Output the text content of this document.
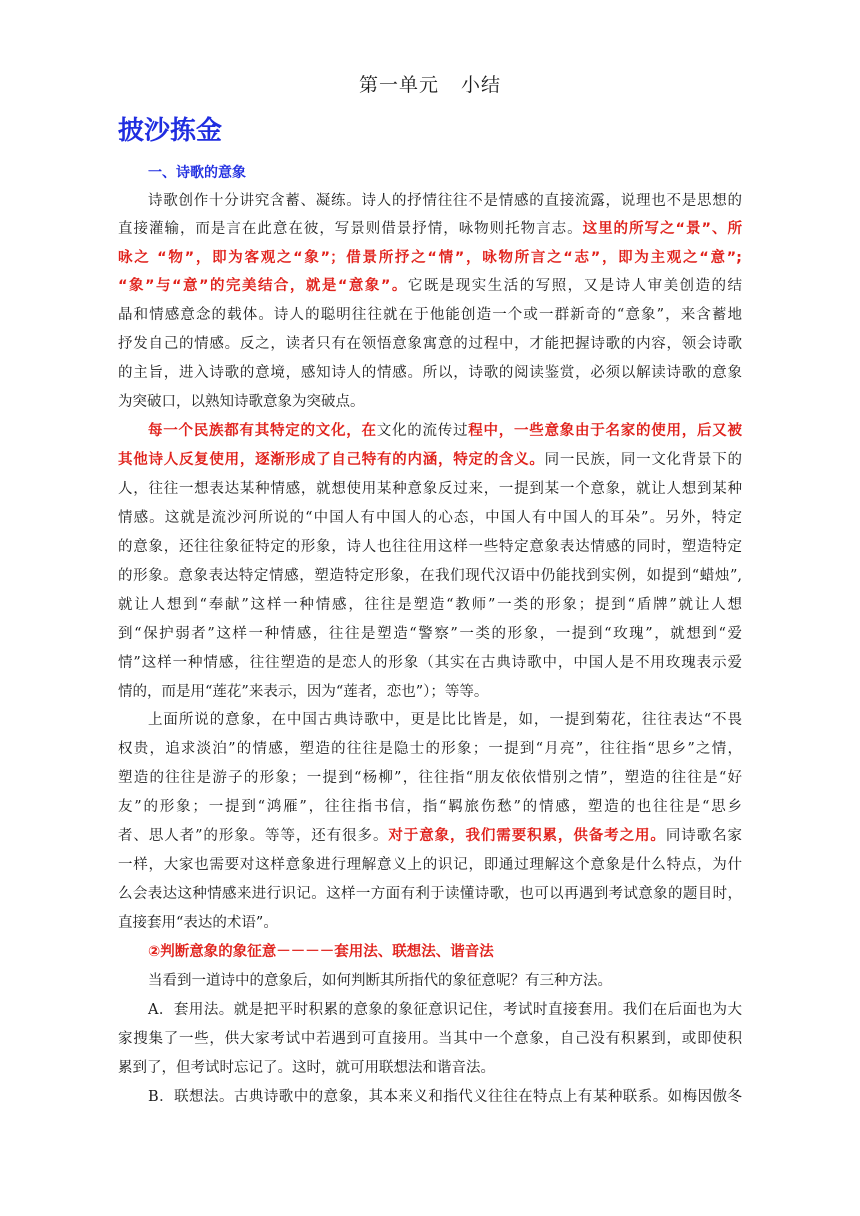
第一单元 小结
披沙拣金
一、诗歌的意象
诗歌创作十分讲究含蓄、凝练。诗人的抒情往往不是情感的直接流露，说理也不是思想的
直接灌输，而是言在此意在彼，写景则借景抒情，咏物则托物言志。这里的所写之“景”、所
咏之 “物”，即为客观之“象”；借景所抒之“情”，咏物所言之“志”，即为主观之“意”;
“象”与“意”的完美结合，就是“意象”。它既是现实生活的写照，又是诗人审美创造的结
晶和情感意念的载体。诗人的聪明往往就在于他能创造一个或一群新奇的“意象”，来含蓄地
抒发自己的情感。反之，读者只有在领悟意象寓意的过程中，才能把握诗歌的内容，领会诗歌
的主旨，进入诗歌的意境，感知诗人的情感。所以，诗歌的阅读鉴赏，必须以解读诗歌的意象
为突破口，以熟知诗歌意象为突破点。
每一个民族都有其特定的文化，在文化的流传过程中，一些意象由于名家的使用，后又被
其他诗人反复使用，逐渐形成了自己特有的内涵，特定的含义。同一民族，同一文化背景下的
人，往往一想表达某种情感，就想使用某种意象反过来，一提到某一个意象，就让人想到某种
情感。这就是流沙河所说的“中国人有中国人的心态，中国人有中国人的耳朵”。另外，特定
的意象，还往往象征特定的形象，诗人也往往用这样一些特定意象表达情感的同时，塑造特定
的形象。意象表达特定情感，塑造特定形象，在我们现代汉语中仍能找到实例，如提到“蜡烛”,
就让人想到“奉献”这样一种情感，往往是塑造“教师”一类的形象；提到“盾牌”就让人想
到“保护弱者”这样一种情感，往往是塑造“警察”一类的形象，一提到“玫瑰”，就想到“爱
情”这样一种情感，往往塑造的是恋人的形象（其实在古典诗歌中，中国人是不用玫瑰表示爱
情的，而是用“莲花”来表示，因为“莲者，恋也”）；等等。
上面所说的意象，在中国古典诗歌中，更是比比皆是，如，一提到菊花，往往表达“不畏
权贵，追求淡泊”的情感，塑造的往往是隐士的形象；一提到“月亮”，往往指“思乡”之情，
塑造的往往是游子的形象；一提到“杨柳”，往往指“朋友依依惜别之情”，塑造的往往是“好
友”的形象；一提到“鸿雁”，往往指书信，指“羁旅伤愁”的情感，塑造的也往往是“思乡
者、思人者”的形象。等等，还有很多。对于意象，我们需要积累，供备考之用。同诗歌名家
一样，大家也需要对这样意象进行理解意义上的识记，即通过理解这个意象是什么特点，为什
么会表达这种情感来进行识记。这样一方面有利于读懂诗歌，也可以再遇到考试意象的题目时，
直接套用“表达的术语”。
②判断意象的象征意－－－－套用法、联想法、谐音法
当看到一道诗中的意象后，如何判断其所指代的象征意呢？有三种方法。
A．套用法。就是把平时积累的意象的象征意识记住，考试时直接套用。我们在后面也为大
家搜集了一些，供大家考试中若遇到可直接用。当其中一个意象，自己没有积累到，或即使积
累到了，但考试时忘记了。这时，就可用联想法和谐音法。
B．联想法。古典诗歌中的意象，其本来义和指代义往往在特点上有某种联系。如梅因傲冬
